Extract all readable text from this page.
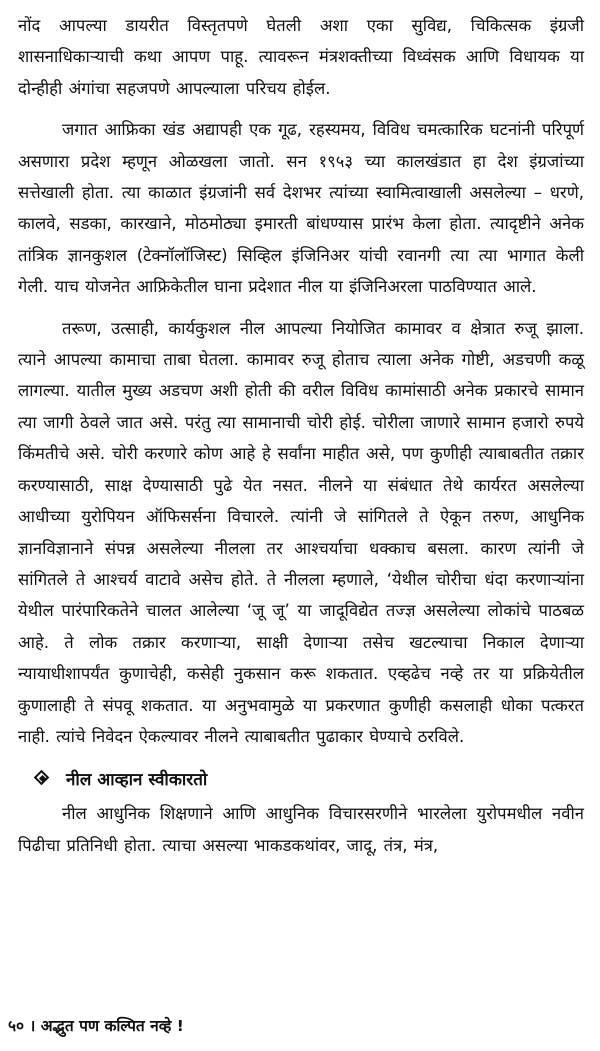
नोंद आपल्या डायरीत विस्तृतपणे घेतली अशा एका सुविद्य, चिकित्सक इंग्रजी शासनाधिकाऱ्याची कथा आपण पाहू. त्यावरून मंत्रशक्तीच्या विध्वंसक आणि विधायक या दोन्हीही अंगांचा सहजपणे आपल्याला परिचय होईल.

जगात आफ्रिका खंड अद्यापही एक गूढ, रहस्यमय, विविध चमत्कारिक घटनांनी परिपूर्ण असणारा प्रदेश म्हणून ओळखला जातो. सन १९५३ च्या कालखंडात हा देश इंग्रजांच्या सत्तेखाली होता. त्या काळात इंग्रजांनी सर्व देशभर त्यांच्या स्वामित्वाखाली असलेल्या – धरणे, कालवे, सडका, कारखाने, मोठमोठ्या इमारती बांधण्यास प्रारंभ केला होता. त्यादृष्टीने अनेक तांत्रिक ज्ञानकुशल (टेक्नॉलॉजिस्ट) सिव्हिल इंजिनिअर यांची रवानगी त्या त्या भागात केली गेली. याच योजनेत आफ्रिकेतील घाना प्रदेशात नील या इंजिनिअरला पाठविण्यात आले.

तरूण, उत्साही, कार्यकुशल नील आपल्या नियोजित कामावर व क्षेत्रात रुजू झाला. त्याने आपल्या कामाचा ताबा घेतला. कामावर रुजू होताच त्याला अनेक गोष्टी, अडचणी कळू लागल्या. यातील मुख्य अडचण अशी होती की वरील विविध कामांसाठी अनेक प्रकारचे सामान त्या जागी ठेवले जात असे. परंतु त्या सामानाची चोरी होई. चोरीला जाणारे सामान हजारो रुपये किंमतीचे असे. चोरी करणारे कोण आहे हे सर्वांना माहीत असे, पण कुणीही त्याबाबतीत तक्रार करण्यासाठी, साक्ष देण्यासाठी पुढे येत नसत. नीलने या संबंधात तेथे कार्यरत असलेल्या आधीच्या युरोपियन ऑफिसर्सना विचारले. त्यांनी जे सांगितले ते ऐकून तरुण, आधुनिक ज्ञानविज्ञानाने संपन्न असलेल्या नीलला तर आश्चर्याचा धक्काच बसला. कारण त्यांनी जे सांगितले ते आश्चर्य वाटावे असेच होते. ते नीलला म्हणाले, ‘येथील चोरीचा धंदा करणाऱ्यांना येथील पारंपारिकतेने चालत आलेल्या ‘जू जू’ या जादूविद्येत तज्ज्ञ असलेल्या लोकांचे पाठबळ आहे. ते लोक तक्रार करणाऱ्या, साक्षी देणाऱ्या तसेच खटल्याचा निकाल देणाऱ्या न्यायाधीशापर्यंत कुणाचेही, कसेही नुकसान करू शकतात. एव्हढेच नव्हे तर या प्रक्रियेतील कुणालाही ते संपवू शकतात. या अनुभवामुळे या प्रकरणात कुणीही कसलाही धोका पत्करत नाही. त्यांचे निवेदन ऐकल्यावर नीलने त्याबाबतीत पुढाकार घेण्याचे ठरविले.

नील आव्हान स्वीकारतो

नील आधुनिक शिक्षणाने आणि आधुनिक विचारसरणीने भारलेला युरोपमधील नवीन पिढीचा प्रतिनिधी होता. त्याचा असल्या भाकडकथांवर, जादू, तंत्र, मंत्र,

५० । अद्भुत पण कल्पित नव्हे !
